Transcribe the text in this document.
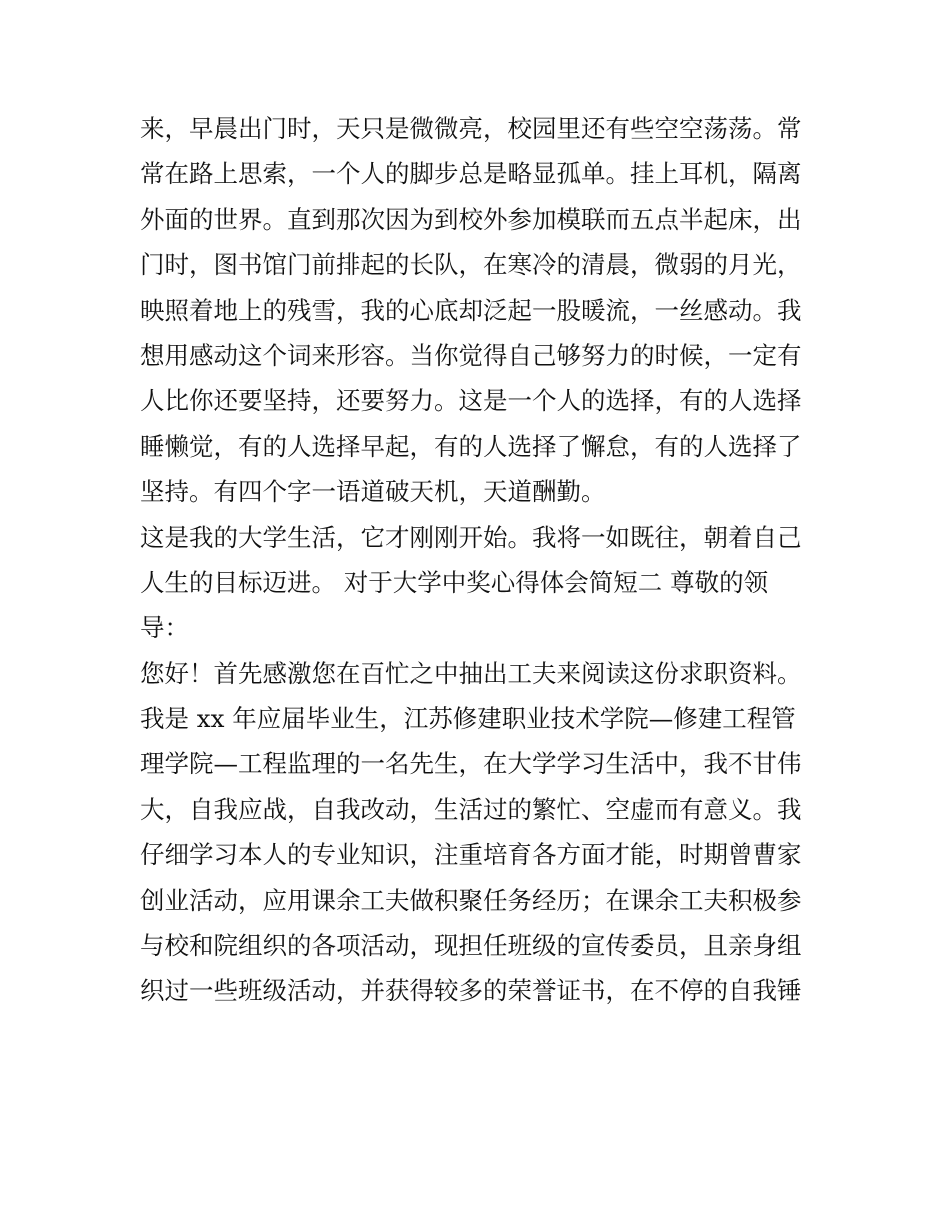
来，早晨出门时，天只是微微亮，校园里还有些空空荡荡。常
常在路上思索，一个人的脚步总是略显孤单。挂上耳机，隔离
外面的世界。直到那次因为到校外参加模联而五点半起床，出
门时，图书馆门前排起的长队，在寒冷的清晨，微弱的月光，
映照着地上的残雪，我的心底却泛起一股暖流，一丝感动。我
想用感动这个词来形容。当你觉得自己够努力的时候，一定有
人比你还要坚持，还要努力。这是一个人的选择，有的人选择
睡懒觉，有的人选择早起，有的人选择了懈怠，有的人选择了
坚持。有四个字一语道破天机，天道酬勤。
这是我的大学生活，它才刚刚开始。我将一如既往，朝着自己
人生的目标迈进。 对于大学中奖心得体会简短二 尊敬的领
导：
您好！首先感激您在百忙之中抽出工夫来阅读这份求职资料。
我是 xx 年应届毕业生，江苏修建职业技术学院—修建工程管
理学院—工程监理的一名先生，在大学学习生活中，我不甘伟
大，自我应战，自我改动，生活过的繁忙、空虚而有意义。我
仔细学习本人的专业知识，注重培育各方面才能，时期曾曹家
创业活动，应用课余工夫做积聚任务经历；在课余工夫积极参
与校和院组织的各项活动，现担任班级的宣传委员，且亲身组
织过一些班级活动，并获得较多的荣誉证书，在不停的自我锤
